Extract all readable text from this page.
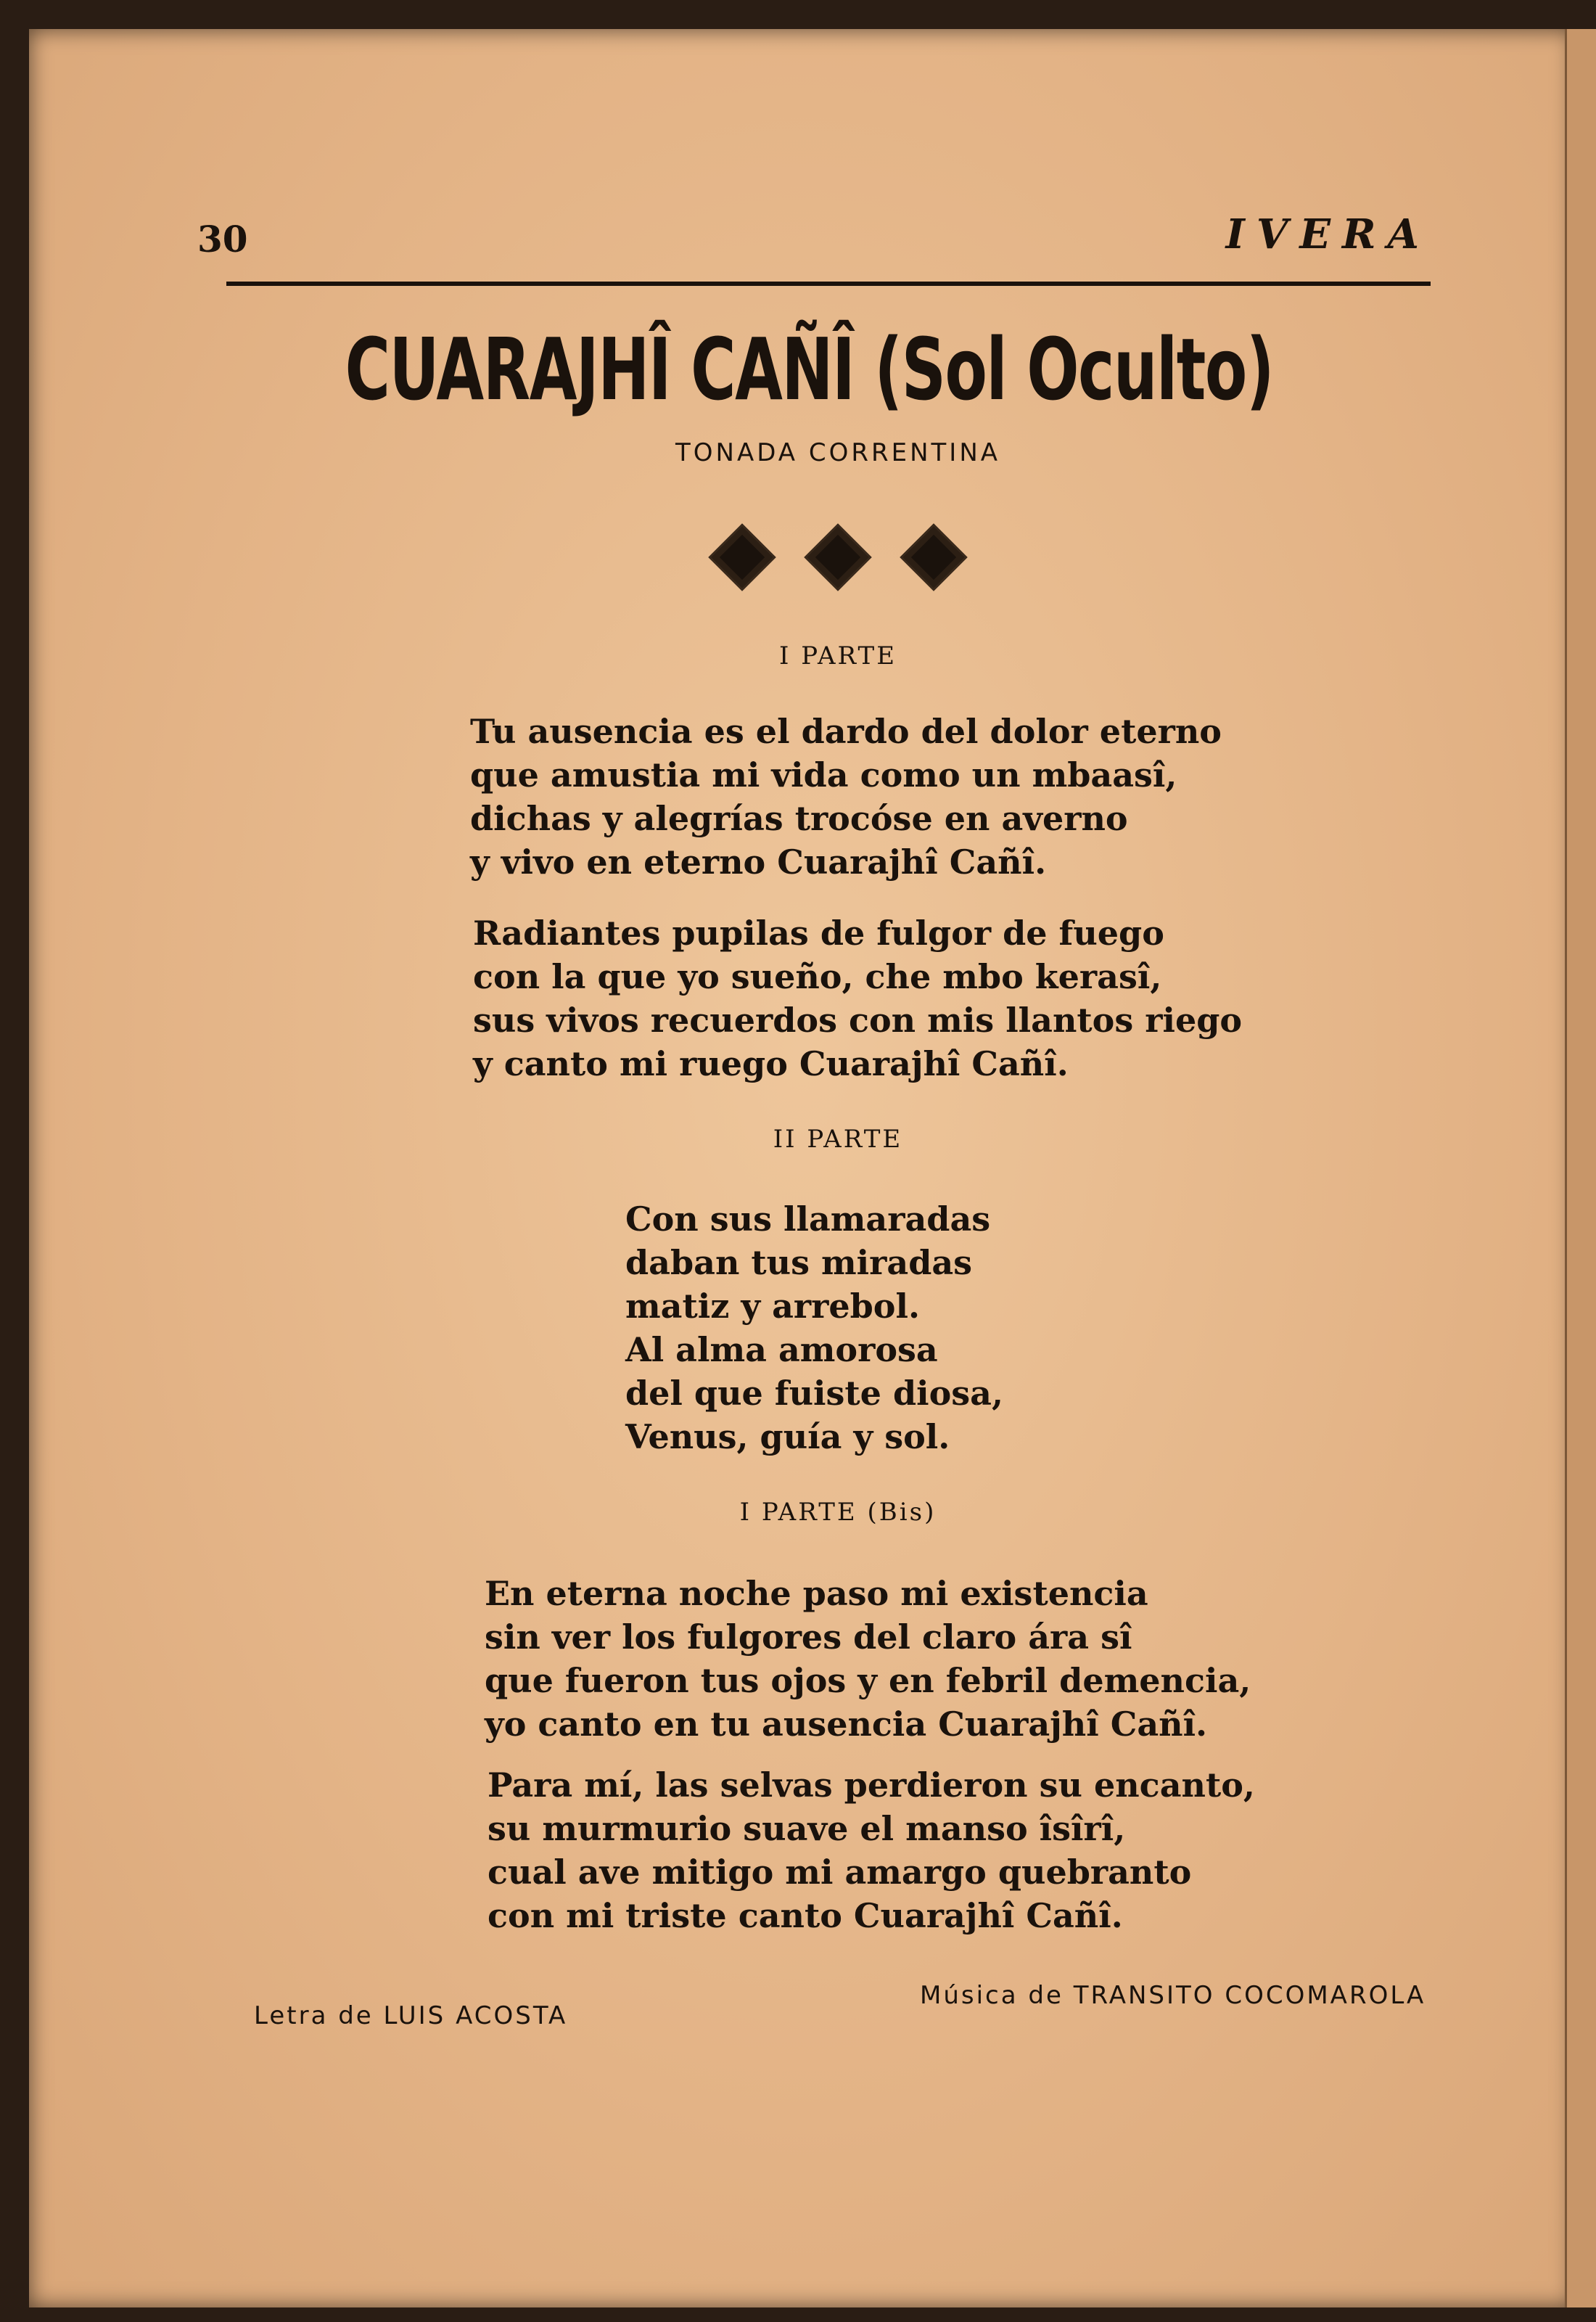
30	IVERA
CUARAJHÎ CAÑÎ (Sol Oculto)
TONADA CORRENTINA
I PARTE
Tu ausencia es el dardo del dolor eterno
que amustia mi vida como un mbaasî,
dichas y alegrías trocóse en averno
y vivo en eterno Cuarajhî Cañî.
Radiantes pupilas de fulgor de fuego
con la que yo sueño, che mbo kerasî,
sus vivos recuerdos con mis llantos riego
y canto mi ruego Cuarajhî Cañî.
II PARTE
Con sus llamaradas
daban tus miradas
matiz y arrebol.
Al alma amorosa
del que fuiste diosa,
Venus, guía y sol.
I PARTE (Bis)
En eterna noche paso mi existencia
sin ver los fulgores del claro ára sî
que fueron tus ojos y en febril demencia,
yo canto en tu ausencia Cuarajhî Cañî.
Para mí, las selvas perdieron su encanto,
su murmurio suave el manso îsîrî,
cual ave mitigo mi amargo quebranto
con mi triste canto Cuarajhî Cañî.
Letra de LUIS ACOSTA
Música de TRANSITO COCOMAROLA
